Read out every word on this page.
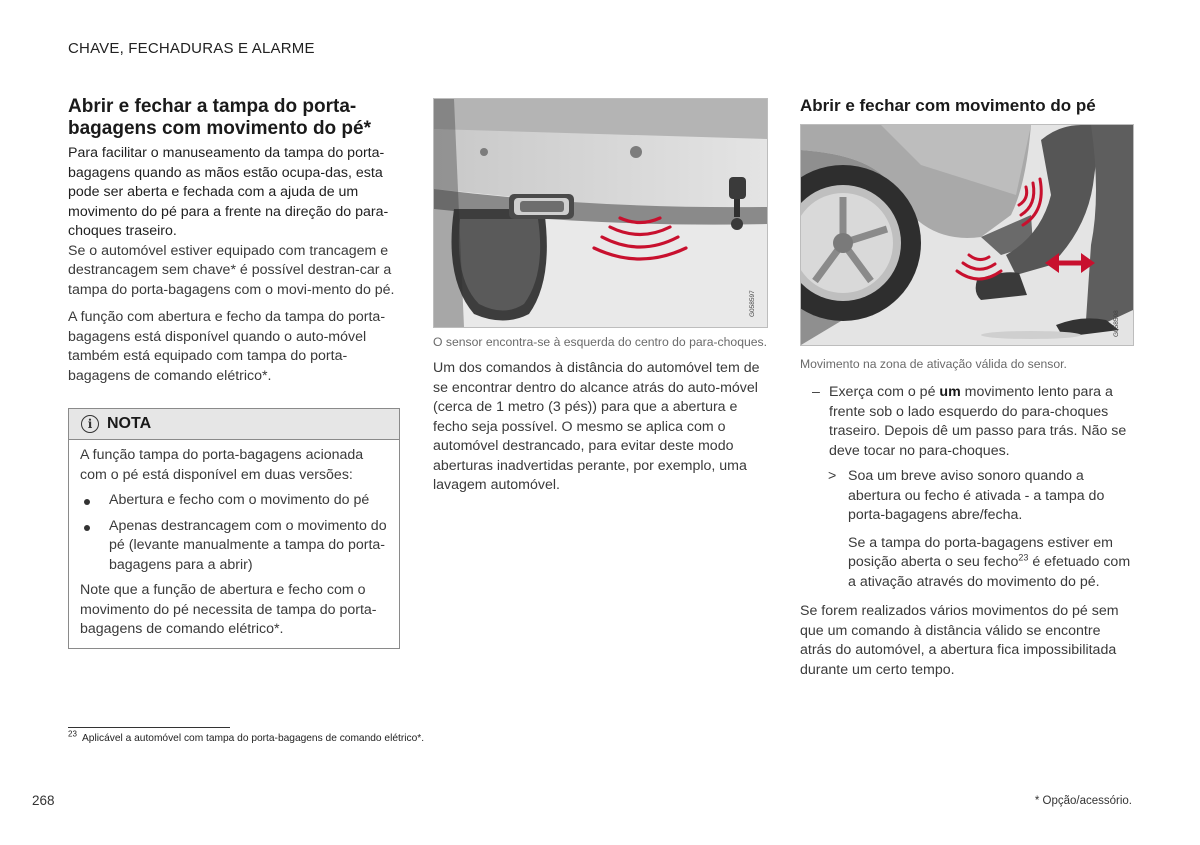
CHAVE, FECHADURAS E ALARME
Abrir e fechar a tampa do porta-bagagens com movimento do pé*

Para facilitar o manuseamento da tampa do porta-bagagens quando as mãos estão ocupa-das, esta pode ser aberta e fechada com a ajuda de um movimento do pé para a frente na direção do para-choques traseiro.

Se o automóvel estiver equipado com trancagem e destrancagem sem chave* é possível destran-car a tampa do porta-bagagens com o movi-mento do pé.

A função com abertura e fecho da tampa do porta-bagagens está disponível quando o auto-móvel também está equipado com tampa do porta-bagagens de comando elétrico*.

i NOTA

A função tampa do porta-bagagens acionada com o pé está disponível em duas versões:

Abertura e fecho com o movimento do pé
Apenas destrancagem com o movimento do pé (levante manualmente a tampa do porta-bagagens para a abrir)

Note que a função de abertura e fecho com o movimento do pé necessita de tampa do porta-bagagens de comando elétrico*.

G058597
O sensor encontra-se à esquerda do centro do para-choques.

Um dos comandos à distância do automóvel tem de se encontrar dentro do alcance atrás do auto-móvel (cerca de 1 metro (3 pés)) para que a abertura e fecho seja possível. O mesmo se aplica com o automóvel destrancado, para evitar deste modo aberturas inadvertidas perante, por exemplo, uma lavagem automóvel.

Abrir e fechar com movimento do pé
G058598
Movimento na zona de ativação válida do sensor.
– Exerça com o pé um movimento lento para a frente sob o lado esquerdo do para-choques traseiro. Depois dê um passo para trás. Não se deve tocar no para-choques.
> Soa um breve aviso sonoro quando a abertura ou fecho é ativada - a tampa do porta-bagagens abre/fecha.
Se a tampa do porta-bagagens estiver em posição aberta o seu fecho$^{23}$ é efetuado com a ativação através do movimento do pé.

Se forem realizados vários movimentos do pé sem que um comando à distância válido se encontre atrás do automóvel, a abertura fica impossibilitada durante um certo tempo.

$^{23}$ Aplicável a automóvel com tampa do porta-bagagens de comando elétrico*.
268	* Opção/acessório.
